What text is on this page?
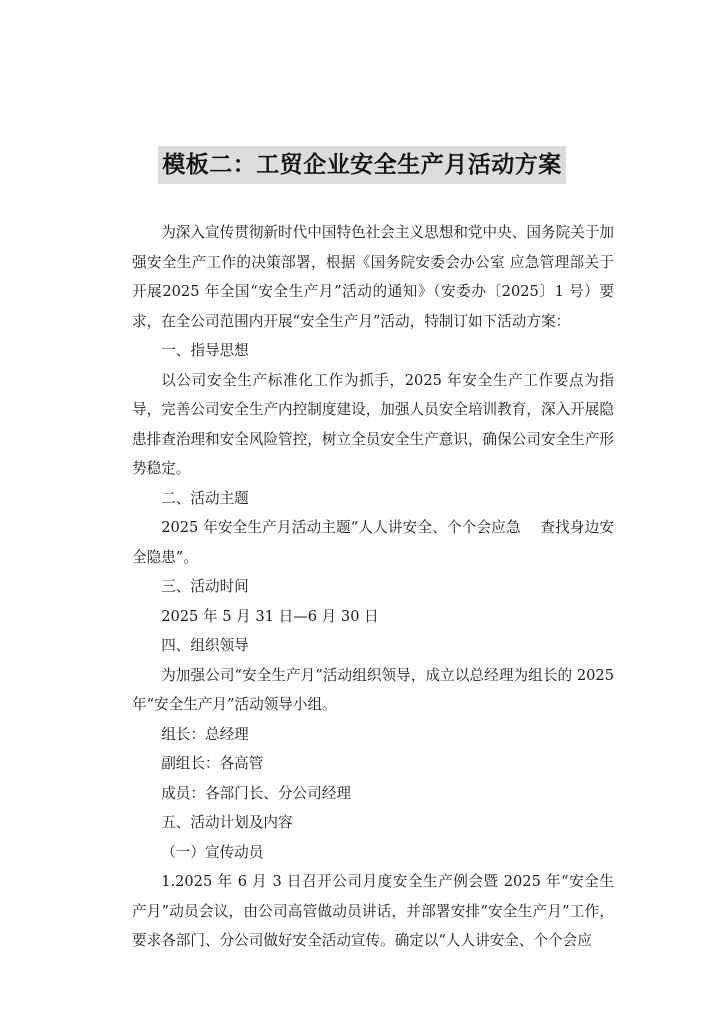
模板二：工贸企业安全生产月活动方案

为深入宣传贯彻新时代中国特色社会主义思想和党中央、国务院关于加强安全生产工作的决策部署，根据《国务院安委会办公室 应急管理部关于开展2025 年全国“安全生产月”活动的通知》（安委办〔2025〕1 号）要求，在全公司范围内开展“安全生产月”活动，特制订如下活动方案：

一、指导思想

以公司安全生产标准化工作为抓手，2025 年安全生产工作要点为指导，完善公司安全生产内控制度建设，加强人员安全培训教育，深入开展隐患排查治理和安全风险管控，树立全员安全生产意识，确保公司安全生产形势稳定。

二、活动主题

2025 年安全生产月活动主题“人人讲安全、个个会应急　 查找身边安全隐患”。

三、活动时间

2025 年 5 月 31 日—6 月 30 日

四、组织领导

为加强公司“安全生产月”活动组织领导，成立以总经理为组长的 2025 年“安全生产月”活动领导小组。

组长：总经理

副组长：各高管

成员：各部门长、分公司经理

五、活动计划及内容

（一）宣传动员

1.2025 年 6 月 3 日召开公司月度安全生产例会暨 2025 年“安全生产月”动员会议，由公司高管做动员讲话，并部署安排“安全生产月”工作，要求各部门、分公司做好安全活动宣传。确定以“人人讲安全、个个会应
